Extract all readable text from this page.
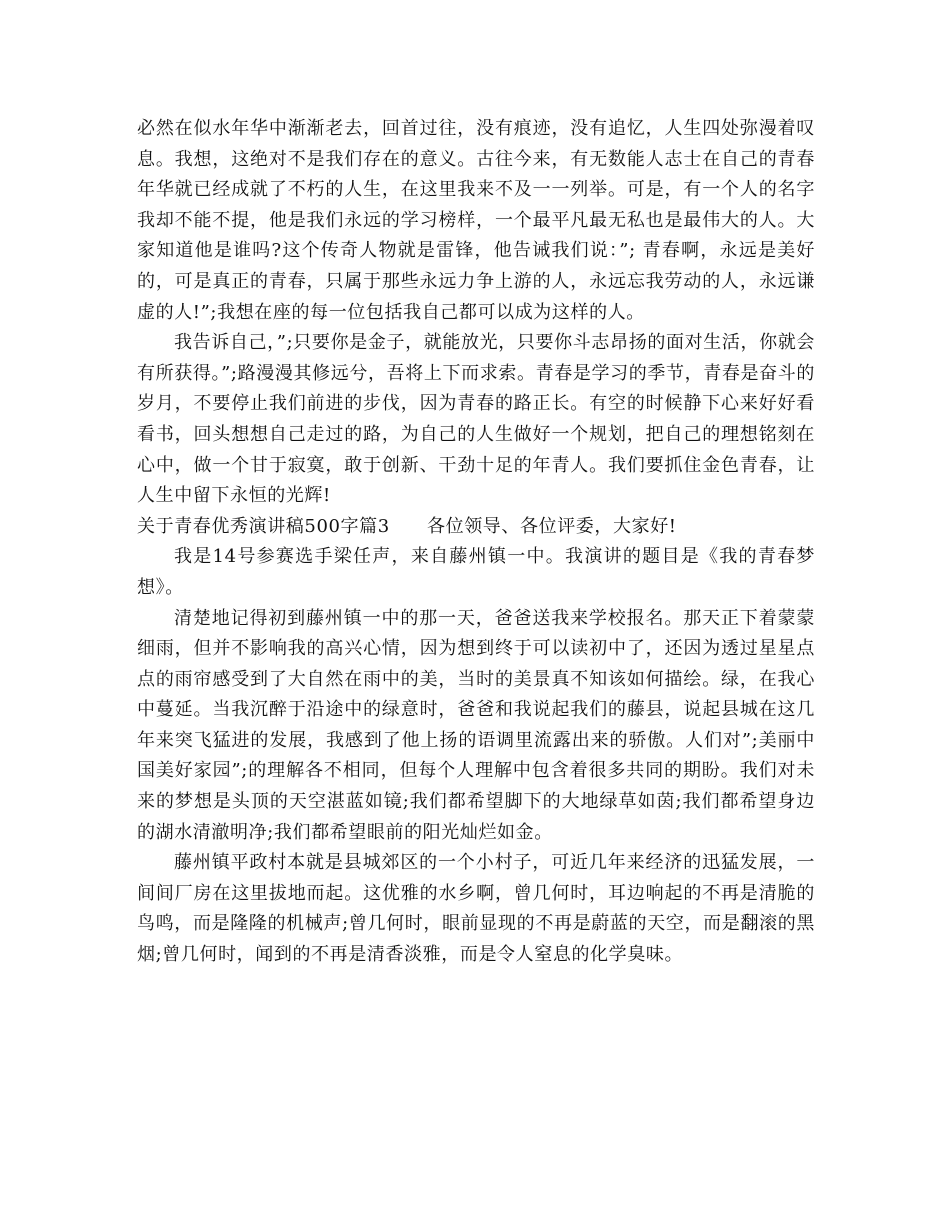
必然在似水年华中渐渐老去，回首过往，没有痕迹，没有追忆，人生四处弥漫着叹息。我想，这绝对不是我们存在的意义。古往今来，有无数能人志士在自己的青春年华就已经成就了不朽的人生，在这里我来不及一一列举。可是，有一个人的名字我却不能不提，他是我们永远的学习榜样，一个最平凡最无私也是最伟大的人。大家知道他是谁吗?这个传奇人物就是雷锋，他告诫我们说：”; 青春啊，永远是美好的，可是真正的青春，只属于那些永远力争上游的人，永远忘我劳动的人，永远谦虚的人!”;我想在座的每一位包括我自己都可以成为这样的人。

我告诉自己，”;只要你是金子，就能放光，只要你斗志昂扬的面对生活，你就会有所获得。”;路漫漫其修远兮，吾将上下而求索。青春是学习的季节，青春是奋斗的岁月，不要停止我们前进的步伐，因为青春的路正长。有空的时候静下心来好好看看书，回头想想自己走过的路，为自己的人生做好一个规划，把自己的理想铭刻在心中，做一个甘于寂寞，敢于创新、干劲十足的年青人。我们要抓住金色青春，让人生中留下永恒的光辉!

关于青春优秀演讲稿500字篇3　　各位领导、各位评委，大家好!

我是14号参赛选手梁任声，来自藤州镇一中。我演讲的题目是《我的青春梦想》。

清楚地记得初到藤州镇一中的那一天，爸爸送我来学校报名。那天正下着蒙蒙细雨，但并不影响我的高兴心情，因为想到终于可以读初中了，还因为透过星星点点的雨帘感受到了大自然在雨中的美，当时的美景真不知该如何描绘。绿，在我心中蔓延。当我沉醉于沿途中的绿意时，爸爸和我说起我们的藤县，说起县城在这几年来突飞猛进的发展，我感到了他上扬的语调里流露出来的骄傲。人们对”;美丽中国美好家园”;的理解各不相同，但每个人理解中包含着很多共同的期盼。我们对未来的梦想是头顶的天空湛蓝如镜;我们都希望脚下的大地绿草如茵;我们都希望身边的湖水清澈明净;我们都希望眼前的阳光灿烂如金。

藤州镇平政村本就是县城郊区的一个小村子，可近几年来经济的迅猛发展，一间间厂房在这里拔地而起。这优雅的水乡啊，曾几何时，耳边响起的不再是清脆的鸟鸣，而是隆隆的机械声;曾几何时，眼前显现的不再是蔚蓝的天空，而是翻滚的黑烟;曾几何时，闻到的不再是清香淡雅，而是令人窒息的化学臭味。
